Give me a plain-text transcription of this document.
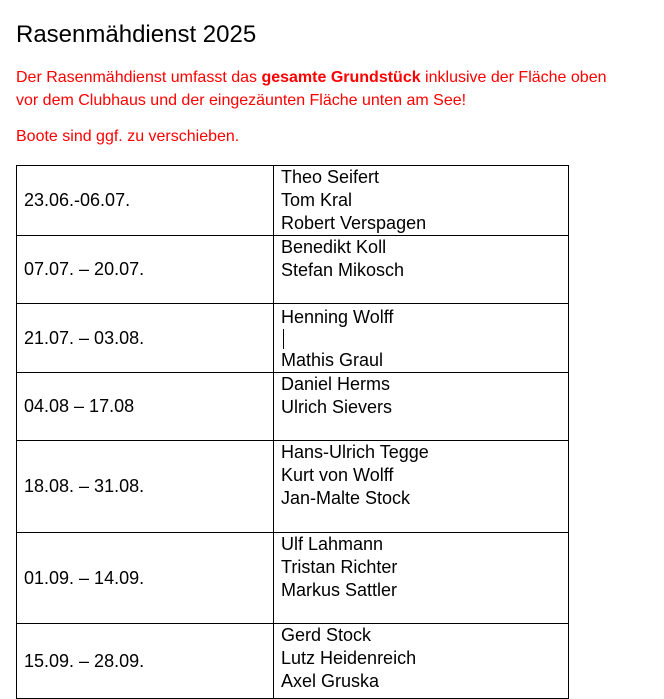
Rasenmähdienst 2025
Der Rasenmähdienst umfasst das gesamte Grundstück inklusive der Fläche oben
vor dem Clubhaus und der eingezäunten Fläche unten am See!
Boote sind ggf. zu verschieben.
23.06.-06.07.	Theo Seifert
Tom Kral
Robert Verspagen

07.07. – 20.07.	Benedikt Koll
Stefan Mikosch

21.07. – 03.08.	Henning Wolff
Mathis Graul

04.08 – 17.08	Daniel Herms
Ulrich Sievers

18.08. – 31.08.	Hans-Ulrich Tegge
Kurt von Wolff
Jan-Malte Stock

01.09. – 14.09.	Ulf Lahmann
Tristan Richter
Markus Sattler

15.09. – 28.09.	Gerd Stock
Lutz Heidenreich
Axel Gruska
